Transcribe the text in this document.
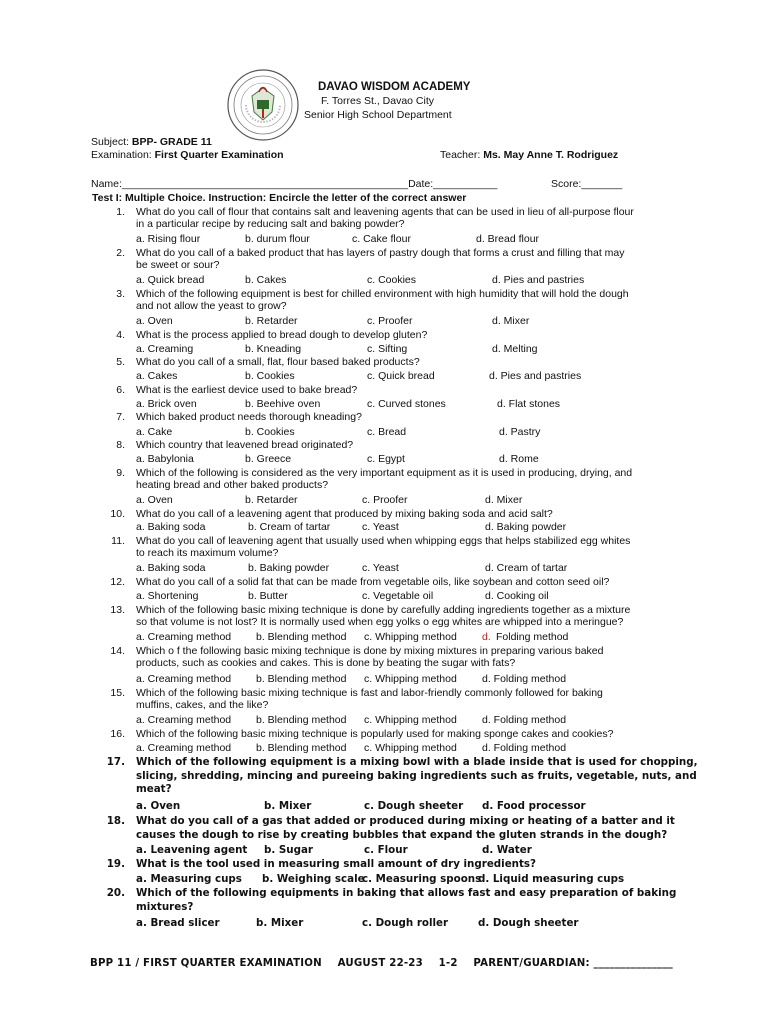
DAVAO WISDOM ACADEMY
F. Torres St., Davao City
Senior High School Department
Subject: BPP- GRADE 11
Examination: First Quarter Examination	Teacher: Ms. May Anne T. Rodriguez
Name:_________________________________________________Date:___________	Score:_______
Test I: Multiple Choice. Instruction: Encircle the letter of the correct answer
1. What do you call of flour that contains salt and leavening agents that can be used in lieu of all-purpose flour
in a particular recipe by reducing salt and baking powder?
a. Rising flour	b. durum flour	c. Cake flour	d. Bread flour
2. What do you call of a baked product that has layers of pastry dough that forms a crust and filling that may
be sweet or sour?
a. Quick bread	b. Cakes	c. Cookies	d. Pies and pastries
3. Which of the following equipment is best for chilled environment with high humidity that will hold the dough
and not allow the yeast to grow?
a. Oven	b. Retarder	c. Proofer	d. Mixer
4. What is the process applied to bread dough to develop gluten?
a. Creaming	b. Kneading	c. Sifting	d. Melting
5. What do you call of a small, flat, flour based baked products?
a. Cakes	b. Cookies	c. Quick bread	d. Pies and pastries
6. What is the earliest device used to bake bread?
a. Brick oven	b. Beehive oven	c. Curved stones	d. Flat stones
7. Which baked product needs thorough kneading?
a. Cake	b. Cookies	c. Bread	d. Pastry
8. Which country that leavened bread originated?
a. Babylonia	b. Greece	c. Egypt	d. Rome
9. Which of the following is considered as the very important equipment as it is used in producing, drying, and
heating bread and other baked products?
a. Oven	b. Retarder	c. Proofer	d. Mixer
10. What do you call of a leavening agent that produced by mixing baking soda and acid salt?
a. Baking soda	b. Cream of tartar	c. Yeast	d. Baking powder
11. What do you call of leavening agent that usually used when whipping eggs that helps stabilized egg whites
to reach its maximum volume?
a. Baking soda	b. Baking powder	c. Yeast	d. Cream of tartar
12. What do you call of a solid fat that can be made from vegetable oils, like soybean and cotton seed oil?
a. Shortening	b. Butter	c. Vegetable oil	d. Cooking oil
13. Which of the following basic mixing technique is done by carefully adding ingredients together as a mixture
so that volume is not lost? It is normally used when egg yolks o egg whites are whipped into a meringue?
a. Creaming method b. Blending method c. Whipping method d. Folding method
14. Which o f the following basic mixing technique is done by mixing mixtures in preparing various baked
products, such as cookies and cakes. This is done by beating the sugar with fats?
a. Creaming method b. Blending method c. Whipping method d. Folding method
15. Which of the following basic mixing technique is fast and labor-friendly commonly followed for baking
muffins, cakes, and the like?
a. Creaming method b. Blending method c. Whipping method d. Folding method
16. Which of the following basic mixing technique is popularly used for making sponge cakes and cookies?
a. Creaming method b. Blending method c. Whipping method d. Folding method
17. Which of the following equipment is a mixing bowl with a blade inside that is used for chopping,
slicing, shredding, mincing and pureeing baking ingredients such as fruits, vegetable, nuts, and
meat?
a. Oven	b. Mixer	c. Dough sheeter d. Food processor
18. What do you call of a gas that added or produced during mixing or heating of a batter and it
causes the dough to rise by creating bubbles that expand the gluten strands in the dough?
a. Leavening agent b. Sugar	c. Flour	d. Water
19. What is the tool used in measuring small amount of dry ingredients?
a. Measuring cups b. Weighing scale
c. Measuring spoons
d. Liquid measuring cups
20. Which of the following equipments in baking that allows fast and easy preparation of baking
mixtures?
a. Bread slicer	b. Mixer	c. Dough roller	d. Dough sheeter
BPP 11 / FIRST QUARTER EXAMINATION AUGUST 22-23 1-2 PARENT/GUARDIAN: _______________
